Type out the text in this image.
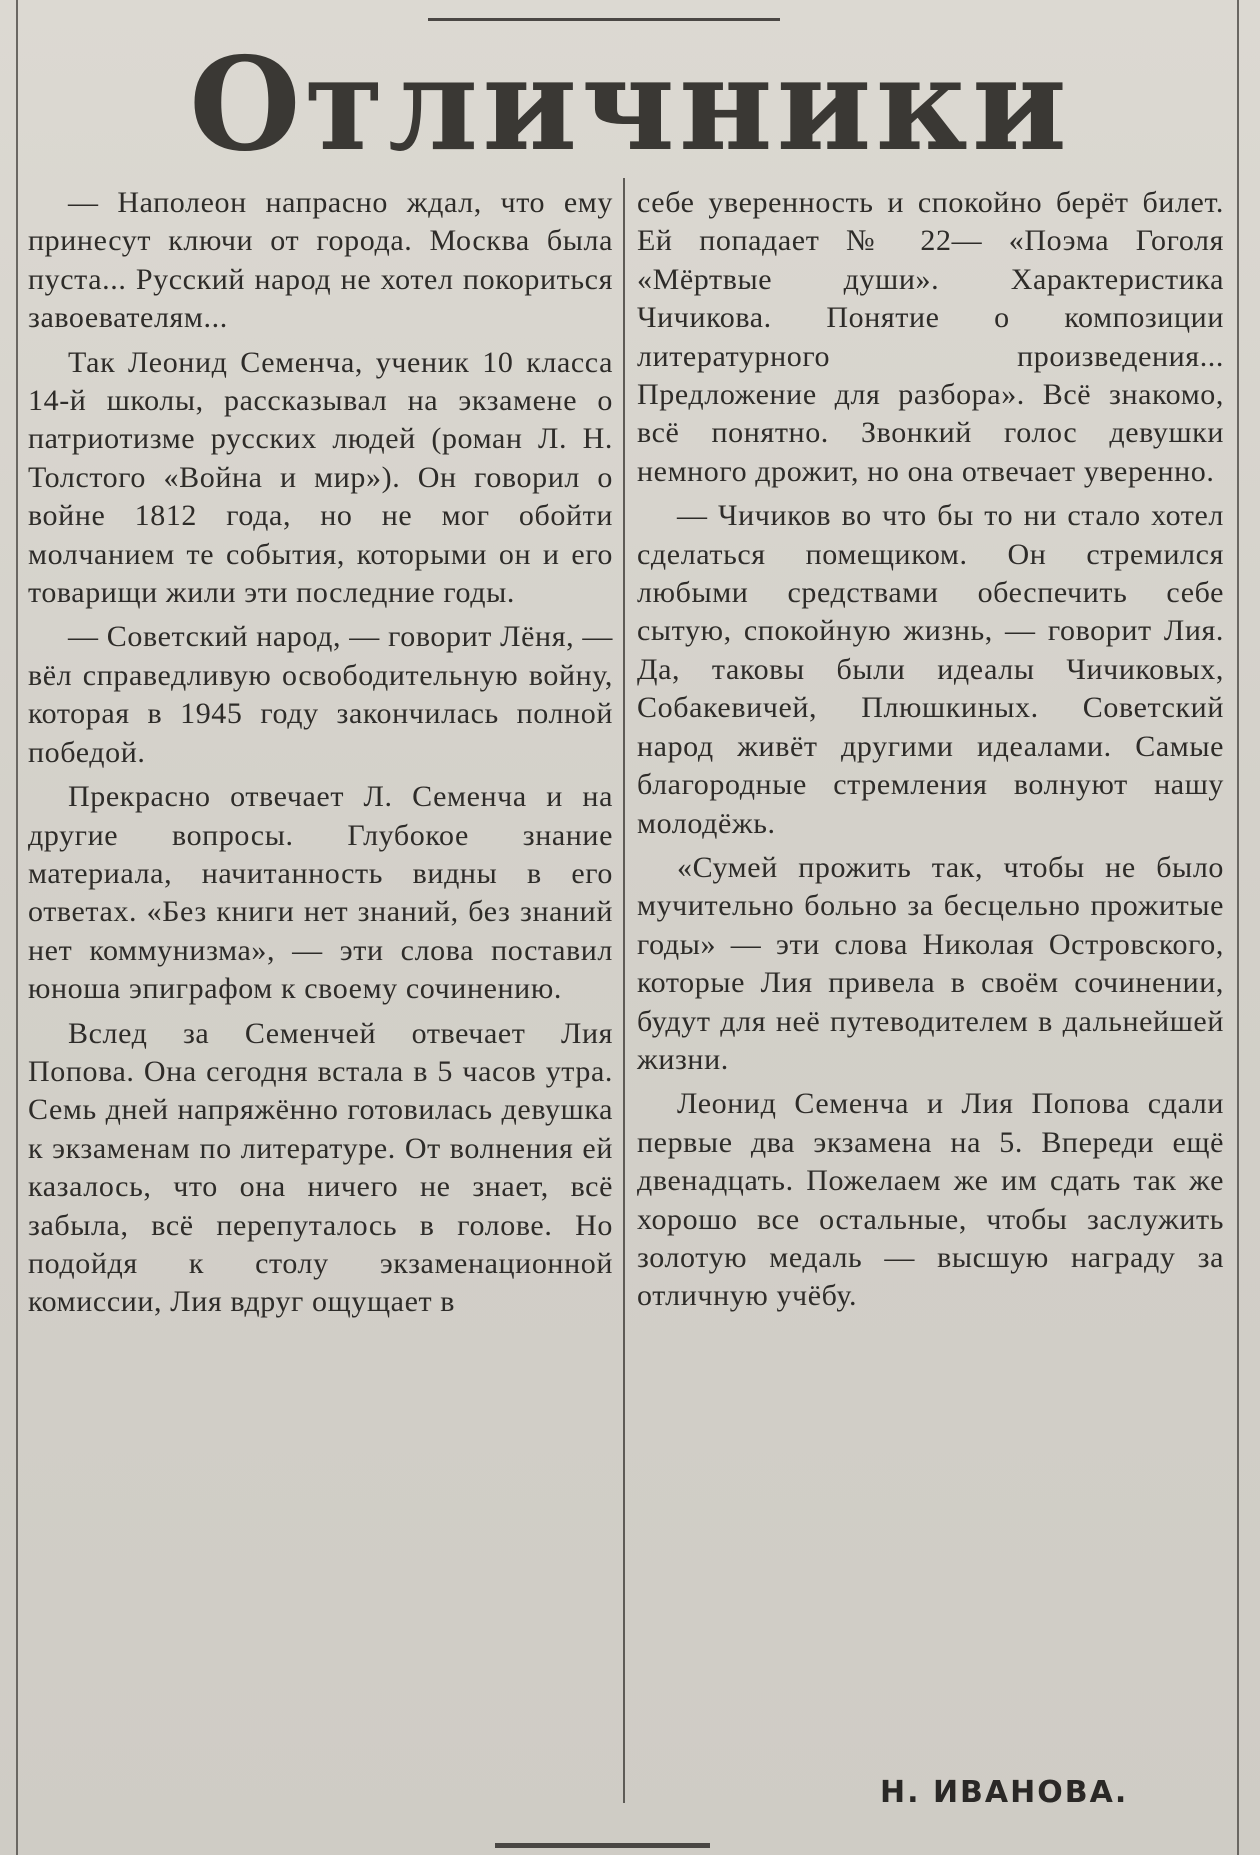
Отличники

— Наполеон напрасно ждал, что ему принесут ключи от города. Москва была пуста... Русский народ не хотел покориться завоевателям...

Так Леонид Семенча, ученик 10 класса 14-й школы, рассказывал на экзамене о патриотизме русских людей (роман Л. Н. Толстого «Война и мир»). Он говорил о войне 1812 года, но не мог обойти молчанием те события, которыми он и его товарищи жили эти последние годы.

— Советский народ, — говорит Лёня, — вёл справедливую освободительную войну, которая в 1945 году закончилась полной победой.

Прекрасно отвечает Л. Семенча и на другие вопросы. Глубокое знание материала, начитанность видны в его ответах. «Без книги нет знаний, без знаний нет коммунизма», — эти слова поставил юноша эпиграфом к своему сочинению.

Вслед за Семенчей отвечает Лия Попова. Она сегодня встала в 5 часов утра. Семь дней напряжённо готовилась девушка к экзаменам по литературе. От волнения ей казалось, что она ничего не знает, всё забыла, всё перепуталось в голове. Но подойдя к столу экзаменационной комиссии, Лия вдруг ощущает в

себе уверенность и спокойно берёт билет. Ей попадает № 22— «Поэма Гоголя «Мёртвые души». Характеристика Чичикова. Понятие о композиции литературного произведения... Предложение для разбора». Всё знакомо, всё понятно. Звонкий голос девушки немного дрожит, но она отвечает уверенно.

— Чичиков во что бы то ни стало хотел сделаться помещиком. Он стремился любыми средствами обеспечить себе сытую, спокойную жизнь, — говорит Лия. Да, таковы были идеалы Чичиковых, Собакевичей, Плюшкиных. Советский народ живёт другими идеалами. Самые благородные стремления волнуют нашу молодёжь.

«Сумей прожить так, чтобы не было мучительно больно за бесцельно прожитые годы» — эти слова Николая Островского, которые Лия привела в своём сочинении, будут для неё путеводителем в дальнейшей жизни.

Леонид Семенча и Лия Попова сдали первые два экзамена на 5. Впереди ещё двенадцать. Пожелаем же им сдать так же хорошо все остальные, чтобы заслужить золотую медаль — высшую награду за отличную учёбу.

Н. ИВАНОВА.
